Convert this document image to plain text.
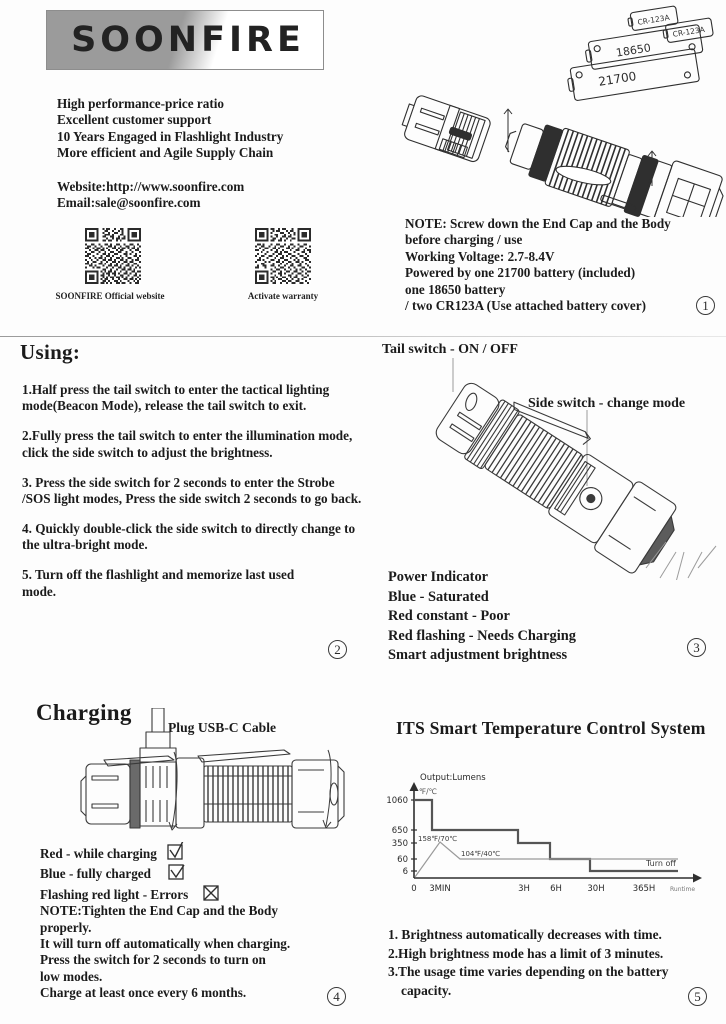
SOONFIRE
High performance-price ratio
Excellent customer support
10 Years Engaged in Flashlight Industry
More efficient and Agile Supply Chain
Website:http://www.soonfire.com
Email:sale@soonfire.com
SOONFIRE Official website	Activate warranty
CR-123A
CR-123A
18650
21700
NOTE: Screw down the End Cap and the Body
before charging / use
Working Voltage: 2.7-8.4V
Powered by one 21700 battery (included)
one 18650 battery
/ two CR123A (Use attached battery cover)	1
Using:
1.Half press the tail switch to enter the tactical lighting mode(Beacon Mode), release the tail switch to exit.
2.Fully press the tail switch to enter the illumination mode, click the side switch to adjust the brightness.
3. Press the side switch for 2 seconds to enter the Strobe /SOS light modes, Press the side switch 2 seconds to go back.
4. Quickly double-click the side switch to directly change to the ultra-bright mode.
5. Turn off the flashlight and memorize last used mode.
2
Tail switch - ON / OFF
Side switch - change mode
Power Indicator
Blue - Saturated
Red constant - Poor
Red flashing - Needs Charging
Smart adjustment brightness	3
Charging
Plug USB-C Cable
Red - while charging
Blue - fully charged
Flashing red light - Errors
NOTE:Tighten the End Cap and the Body
properly.
It will turn off automatically when charging.
Press the switch for 2 seconds to turn on
low modes.
Charge at least once every 6 months.	4
ITS Smart Temperature Control System
Output:Lumens
℉/℃
Runtime
1060
650
350
60
6
0 3MIN	3H 6H	30H	365H
158℉/70℃
104℉/40℃
Turn off
1. Brightness automatically decreases with time.
2.High brightness mode has a limit of 3 minutes.
3.The usage time varies depending on the battery
capacity.	5
